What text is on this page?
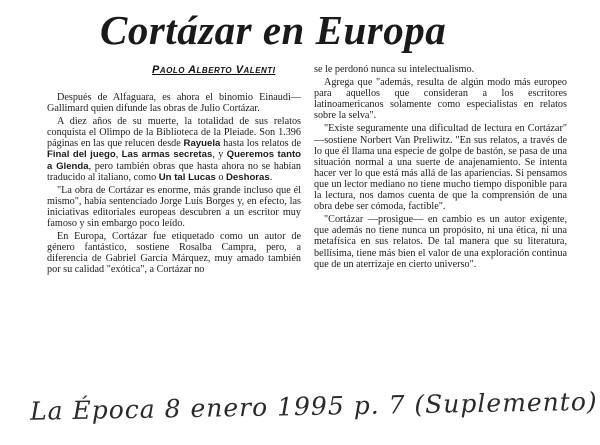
Cortázar en Europa
Paolo Alberto Valenti

Después de Alfaguara, es ahora el binomio Einaudi—Gallimard quien difunde las obras de Julio Cortázar.

A diez años de su muerte, la totalidad de sus relatos conquista el Olimpo de la Biblioteca de la Pleiade. Son 1.396 páginas en las que relucen desde Rayuela hasta los relatos de Final del juego, Las armas secretas, y Queremos tanto a Glenda, pero también obras que hasta ahora no se habían traducido al italiano, como Un tal Lucas o Deshoras.

"La obra de Cortázar es enorme, más grande incluso que él mismo", había sentenciado Jorge Luis Borges y, en efecto, las iniciativas editoriales europeas descubren a un escritor muy famoso y sin embargo poco leído.

En Europa, Cortázar fue etiquetado como un autor de género fantástico, sostiene Rosalba Campra, pero, a diferencia de Gabriel García Márquez, muy amado también por su calidad "exótica", a Cortázar no

se le perdonó nunca su intelectualismo.

Agrega que "además, resulta de algún modo más europeo para aquellos que consideran a los escritores latinoamericanos solamente como especialistas en relatos sobre la selva".

"Existe seguramente una dificultad de lectura en Cortázar" —sostiene Norbert Van Preliwitz. "En sus relatos, a través de lo que él llama una especie de golpe de bastón, se pasa de una situación normal a una suerte de anajenamiento. Se intenta hacer ver lo que está más allá de las apariencias. Si pensamos que un lector mediano no tiene mucho tiempo disponible para la lectura, nos damos cuenta de que la comprensión de una obra debe ser cómoda, factible".

"Cortázar —prosigue— en cambio es un autor exigente, que además no tiene nunca un propósito, ni una ética, ni una metafísica en sus relatos. De tal manera que su literatura, bellísima, tiene más bien el valor de una exploración continua que de un aterrizaje en cierto universo".

La Época 8 enero 1995 p. 7 (Suplemento)
